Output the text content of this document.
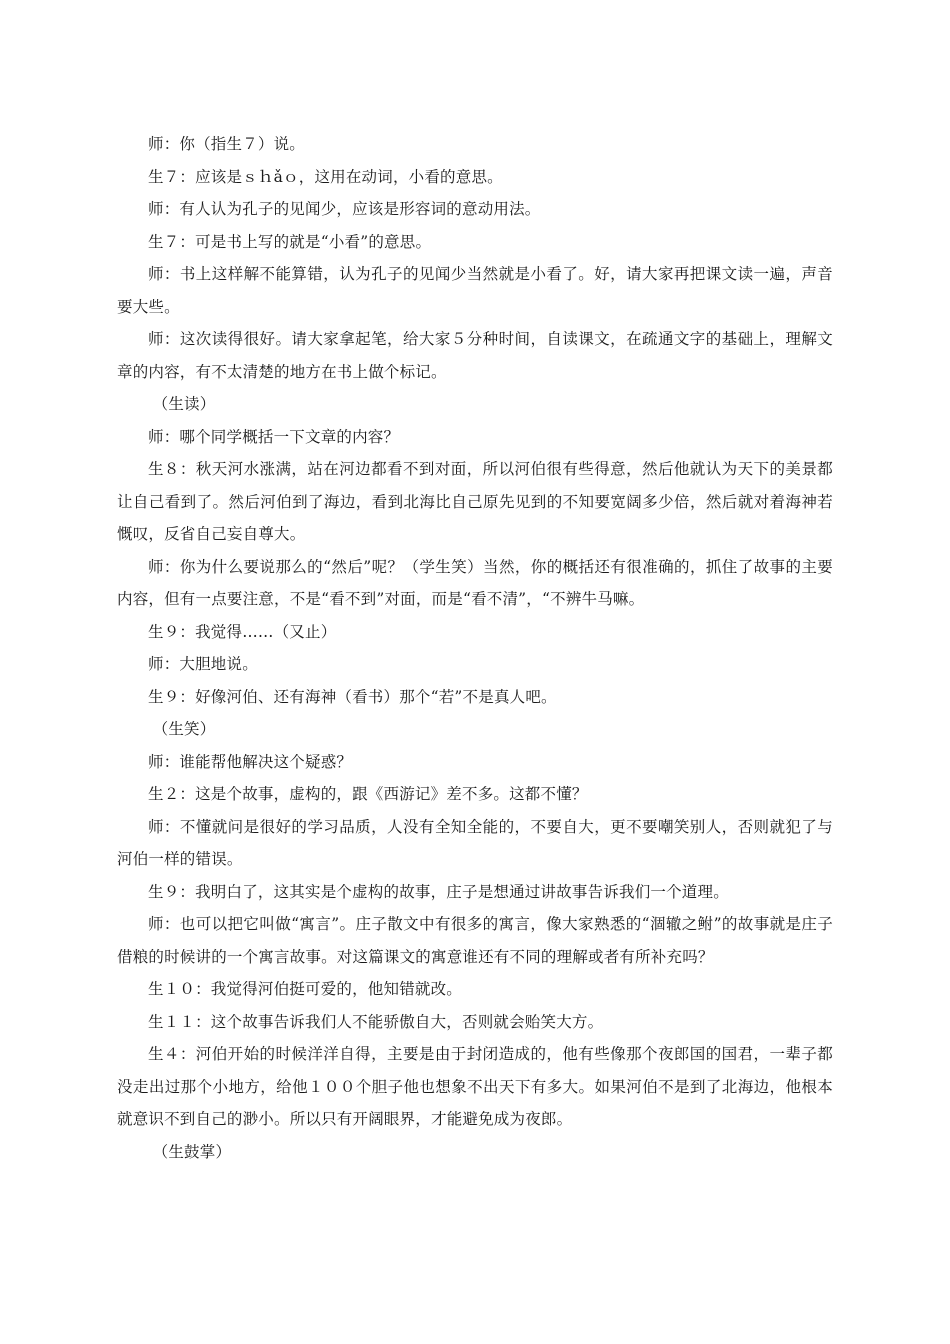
师：你（指生７）说。

生７：应该是ｓｈǎｏ，这用在动词，小看的意思。

师：有人认为孔子的见闻少，应该是形容词的意动用法。

生７：可是书上写的就是“小看”的意思。

师：书上这样解不能算错，认为孔子的见闻少当然就是小看了。好，请大家再把课文读一遍，声音要大些。

师：这次读得很好。请大家拿起笔，给大家５分种时间，自读课文，在疏通文字的基础上，理解文章的内容，有不太清楚的地方在书上做个标记。

（生读）

师：哪个同学概括一下文章的内容？

生８：秋天河水涨满，站在河边都看不到对面，所以河伯很有些得意，然后他就认为天下的美景都让自己看到了。然后河伯到了海边，看到北海比自己原先见到的不知要宽阔多少倍，然后就对着海神若慨叹，反省自己妄自尊大。

师：你为什么要说那么的“然后”呢？（学生笑）当然，你的概括还有很准确的，抓住了故事的主要内容，但有一点要注意，不是“看不到”对面，而是“看不清”，“不辨牛马嘛。

生９：我觉得……（又止）

师：大胆地说。

生９：好像河伯、还有海神（看书）那个“若”不是真人吧。

（生笑）

师：谁能帮他解决这个疑惑？

生２：这是个故事，虚构的，跟《西游记》差不多。这都不懂？

师：不懂就问是很好的学习品质，人没有全知全能的，不要自大，更不要嘲笑别人，否则就犯了与河伯一样的错误。

生９：我明白了，这其实是个虚构的故事，庄子是想通过讲故事告诉我们一个道理。

师：也可以把它叫做“寓言”。庄子散文中有很多的寓言，像大家熟悉的“涸辙之鲋”的故事就是庄子借粮的时候讲的一个寓言故事。对这篇课文的寓意谁还有不同的理解或者有所补充吗？

生１０：我觉得河伯挺可爱的，他知错就改。

生１１：这个故事告诉我们人不能骄傲自大，否则就会贻笑大方。

生４：河伯开始的时候洋洋自得，主要是由于封闭造成的，他有些像那个夜郎国的国君，一辈子都没走出过那个小地方，给他１００个胆子他也想象不出天下有多大。如果河伯不是到了北海边，他根本就意识不到自己的渺小。所以只有开阔眼界，才能避免成为夜郎。

（生鼓掌）
